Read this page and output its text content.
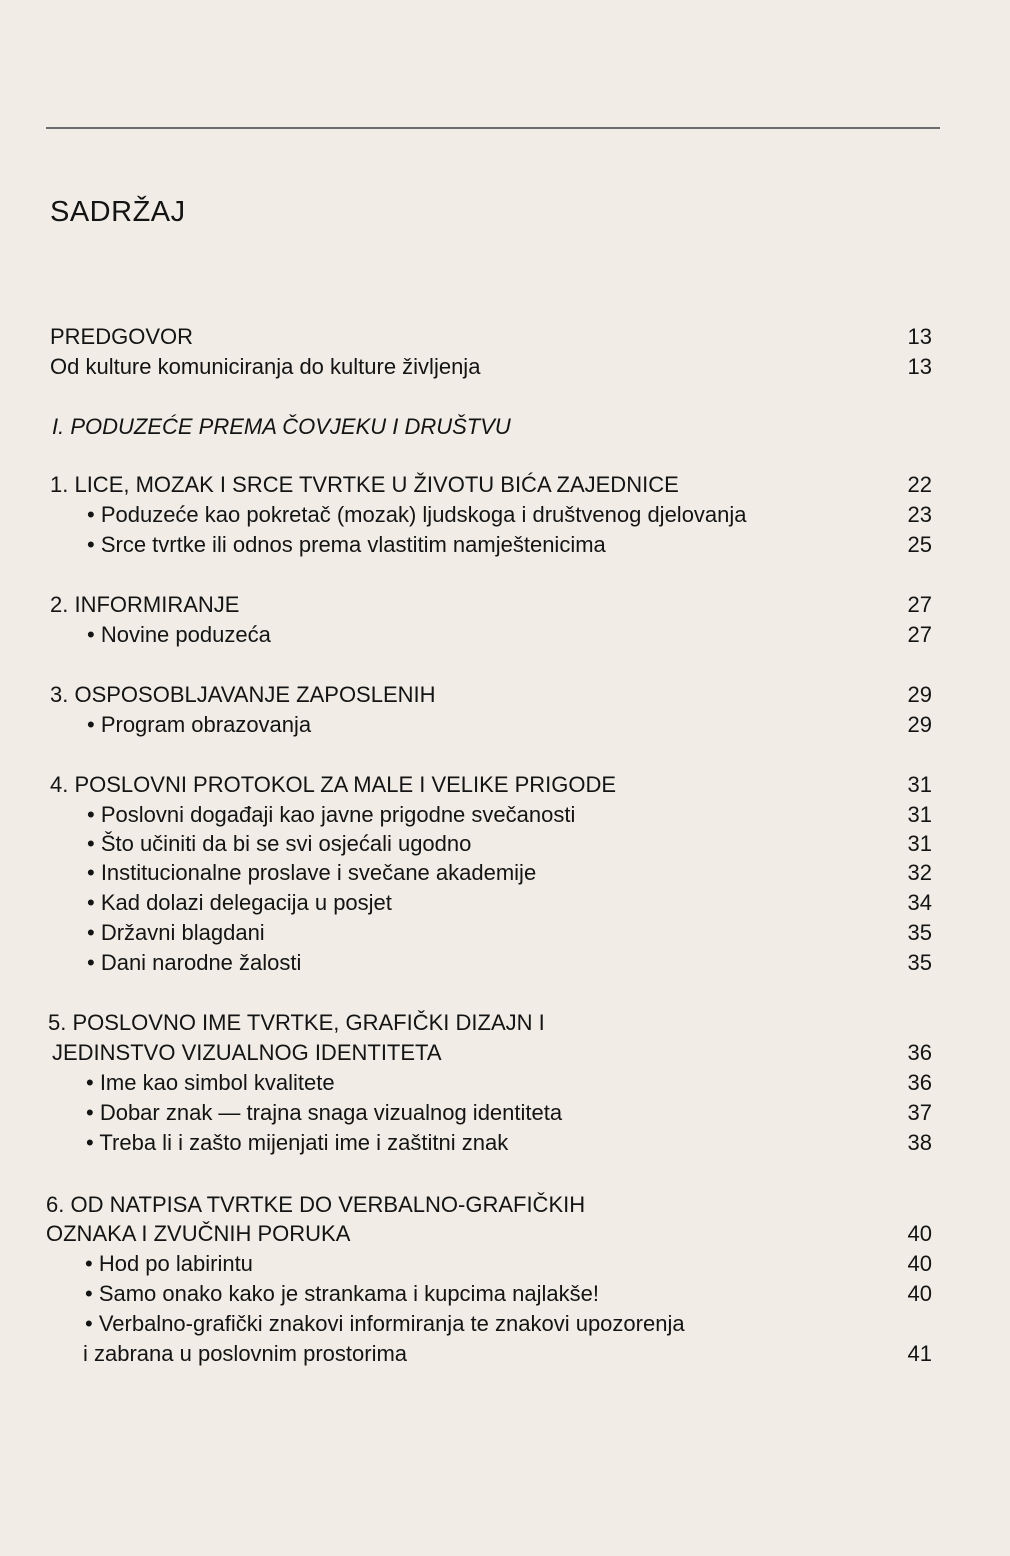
SADRŽAJ
PREDGOVOR	13
Od kulture komuniciranja do kulture življenja	13
I. PODUZEĆE PREMA ČOVJEKU I DRUŠTVU
1. LICE, MOZAK I SRCE TVRTKE U ŽIVOTU BIĆA ZAJEDNICE	22
• Poduzeće kao pokretač (mozak) ljudskoga i društvenog djelovanja	23
• Srce tvrtke ili odnos prema vlastitim namještenicima	25
2. INFORMIRANJE	27
• Novine poduzeća	27
3. OSPOSOBLJAVANJE ZAPOSLENIH	29
• Program obrazovanja	29
4. POSLOVNI PROTOKOL ZA MALE I VELIKE PRIGODE	31
• Poslovni događaji kao javne prigodne svečanosti	31
• Što učiniti da bi se svi osjećali ugodno	31
• Institucionalne proslave i svečane akademije	32
• Kad dolazi delegacija u posjet	34
• Državni blagdani	35
• Dani narodne žalosti	35
5. POSLOVNO IME TVRTKE, GRAFIČKI DIZAJN I
JEDINSTVO VIZUALNOG IDENTITETA	36
• Ime kao simbol kvalitete	36
• Dobar znak — trajna snaga vizualnog identiteta	37
• Treba li i zašto mijenjati ime i zaštitni znak	38
6. OD NATPISA TVRTKE DO VERBALNO-GRAFIČKIH
OZNAKA I ZVUČNIH PORUKA	40
• Hod po labirintu	40
• Samo onako kako je strankama i kupcima najlakše!	40
• Verbalno-grafički znakovi informiranja te znakovi upozorenja
i zabrana u poslovnim prostorima	41
